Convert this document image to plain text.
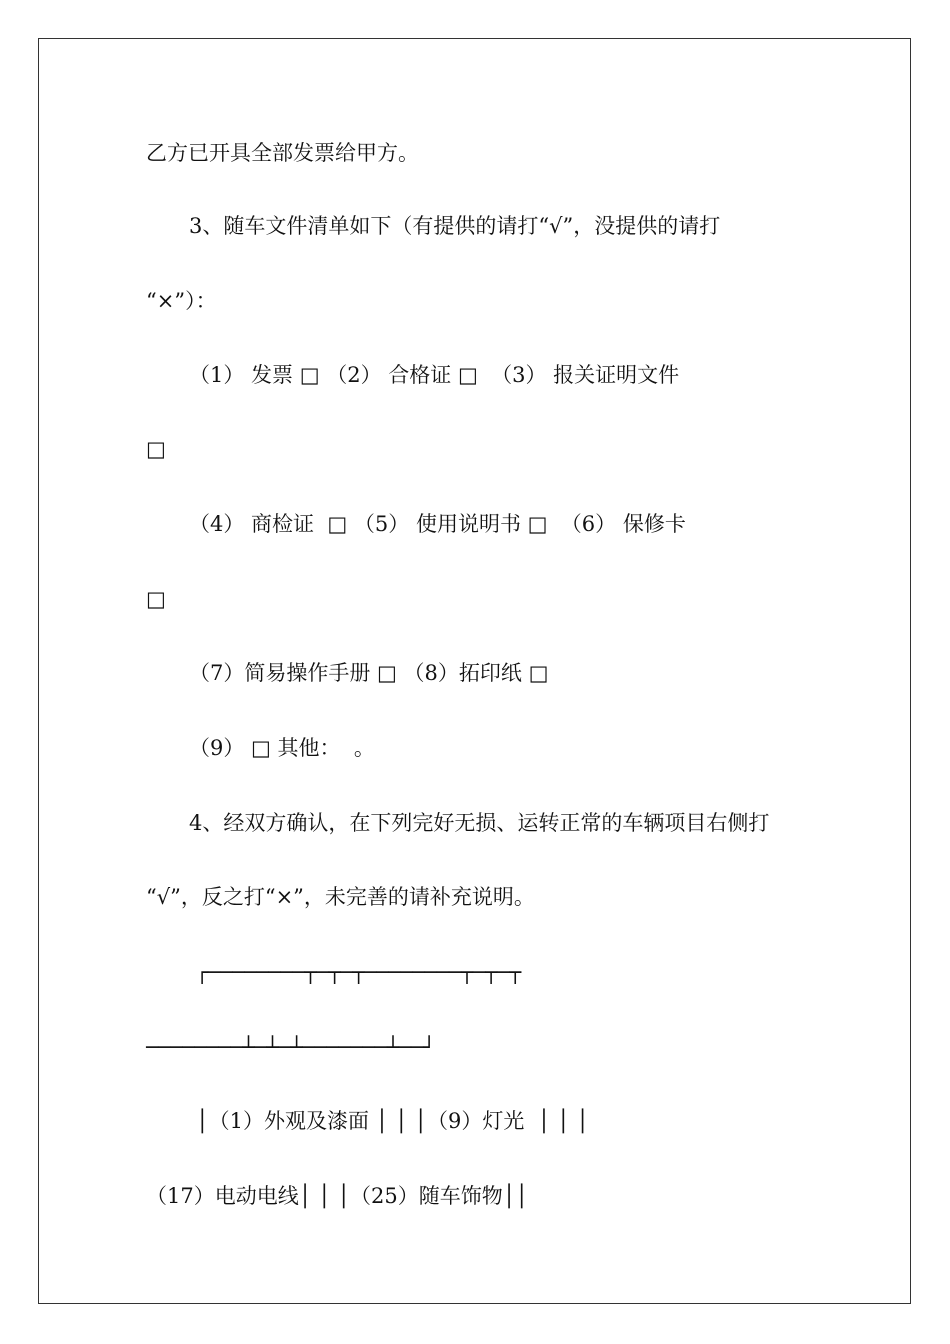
乙方已开具全部发票给甲方。
3、随车文件清单如下（有提供的请打“√”，没提供的请打
“×”）：
（1） 发票 □ （2） 合格证 □  （3） 报关证明文件
□
（4） 商检证  □ （5） 使用说明书 □  （6） 保修卡
□
（7）简易操作手册 □ （8）拓印纸 □
（9） □ 其他：  。
4、经双方确认，在下列完好无损、运转正常的车辆项目右侧打
“√”，反之打“×”，未完善的请补充说明。
┌────────┬─┬─┬────────┬─┬─┬
────────┴─┴─┴───────┴──┘
│（1）外观及漆面 │ │ │（9）灯光  │ │ │
（17）电动电线│ │ │（25）随车饰物││
